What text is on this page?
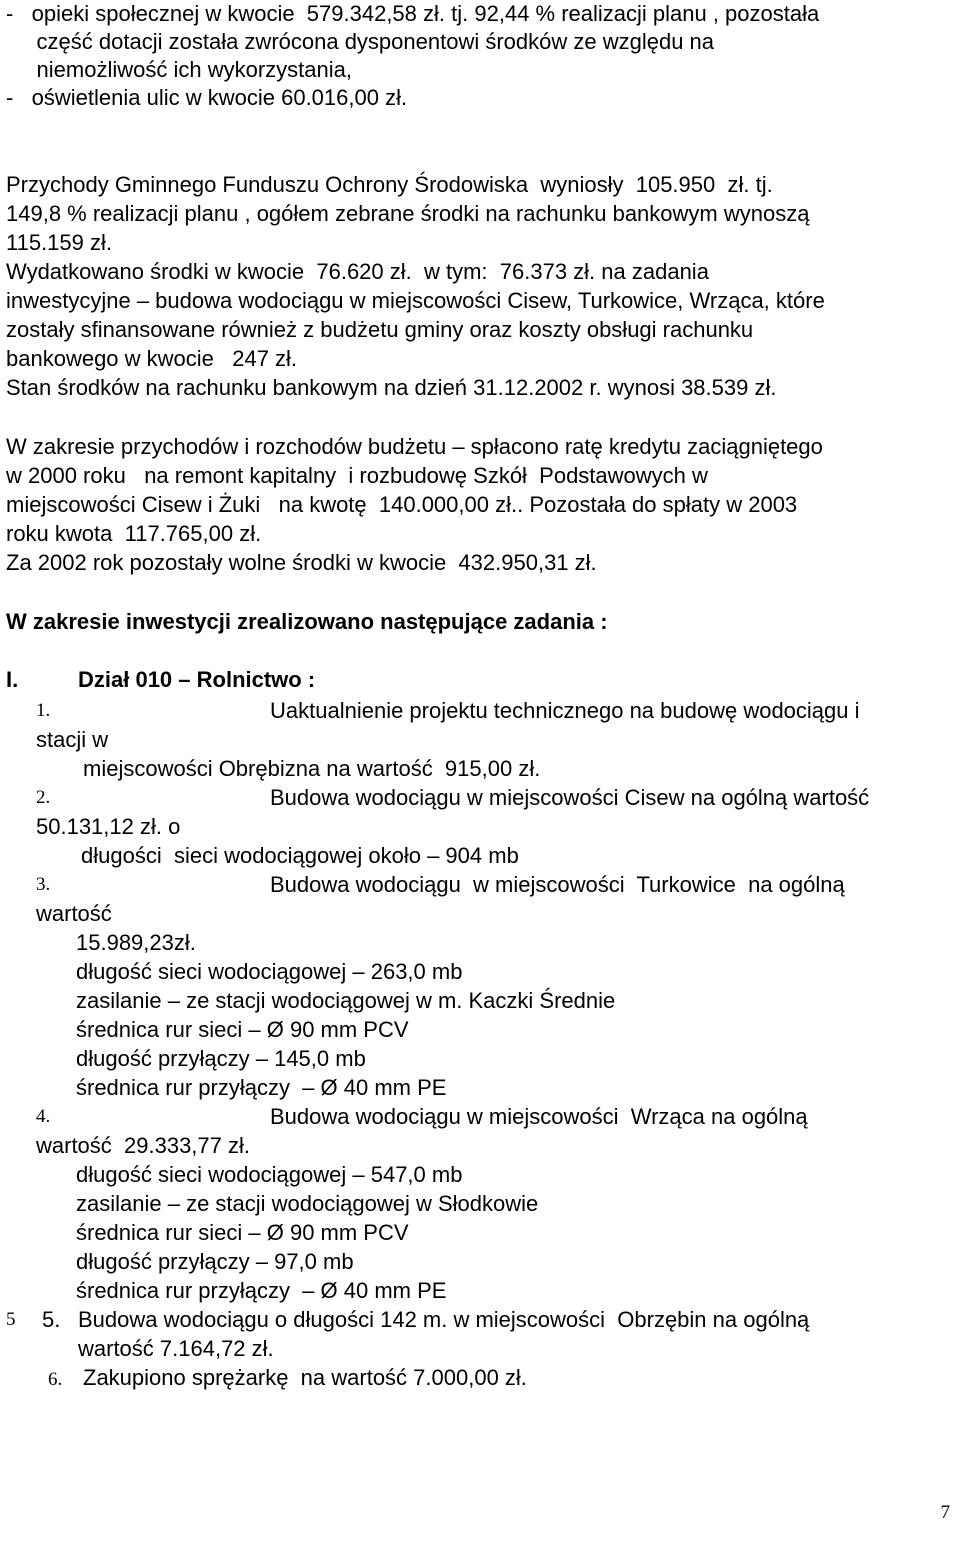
-   opieki społecznej w kwocie  579.342,58 zł. tj. 92,44 % realizacji planu , pozostała
część dotacji została zwrócona dysponentowi środków ze względu na
niemożliwość ich wykorzystania,
-   oświetlenia ulic w kwocie 60.016,00 zł.
Przychody Gminnego Funduszu Ochrony Środowiska  wyniosły  105.950  zł. tj.
149,8 % realizacji planu , ogółem zebrane środki na rachunku bankowym wynoszą
115.159 zł.
Wydatkowano środki w kwocie  76.620 zł.  w tym:  76.373 zł. na zadania
inwestycyjne – budowa wodociągu w miejscowości Cisew, Turkowice, Wrząca, które
zostały sfinansowane również z budżetu gminy oraz koszty obsługi rachunku
bankowego w kwocie   247 zł.
Stan środków na rachunku bankowym na dzień 31.12.2002 r. wynosi 38.539 zł.
W zakresie przychodów i rozchodów budżetu – spłacono ratę kredytu zaciągniętego
w 2000 roku   na remont kapitalny  i rozbudowę Szkół  Podstawowych w
miejscowości Cisew i Żuki   na kwotę  140.000,00 zł.. Pozostała do spłaty w 2003
roku kwota  117.765,00 zł.
Za 2002 rok pozostały wolne środki w kwocie  432.950,31 zł.
W zakresie inwestycji zrealizowano następujące zadania :
I.	Dział 010 – Rolnictwo :
1.	Uaktualnienie projektu technicznego na budowę wodociągu i
stacji w
miejscowości Obrębizna na wartość  915,00 zł.
2.	Budowa wodociągu w miejscowości Cisew na ogólną wartość
50.131,12 zł. o
długości  sieci wodociągowej około – 904 mb
3.	Budowa wodociągu  w miejscowości  Turkowice  na ogólną
wartość
15.989,23zł.
długość sieci wodociągowej – 263,0 mb
zasilanie – ze stacji wodociągowej w m. Kaczki Średnie
średnica rur sieci – Ø 90 mm PCV
długość przyłączy – 145,0 mb
średnica rur przyłączy  – Ø 40 mm PE
4.	Budowa wodociągu w miejscowości  Wrząca na ogólną
wartość  29.333,77 zł.
długość sieci wodociągowej – 547,0 mb
zasilanie – ze stacji wodociągowej w Słodkowie
średnica rur sieci – Ø 90 mm PCV
długość przyłączy – 97,0 mb
średnica rur przyłączy  – Ø 40 mm PE
5 5. Budowa wodociągu o długości 142 m. w miejscowości  Obrzębin na ogólną
wartość 7.164,72 zł.
6. Zakupiono sprężarkę  na wartość 7.000,00 zł.
7
